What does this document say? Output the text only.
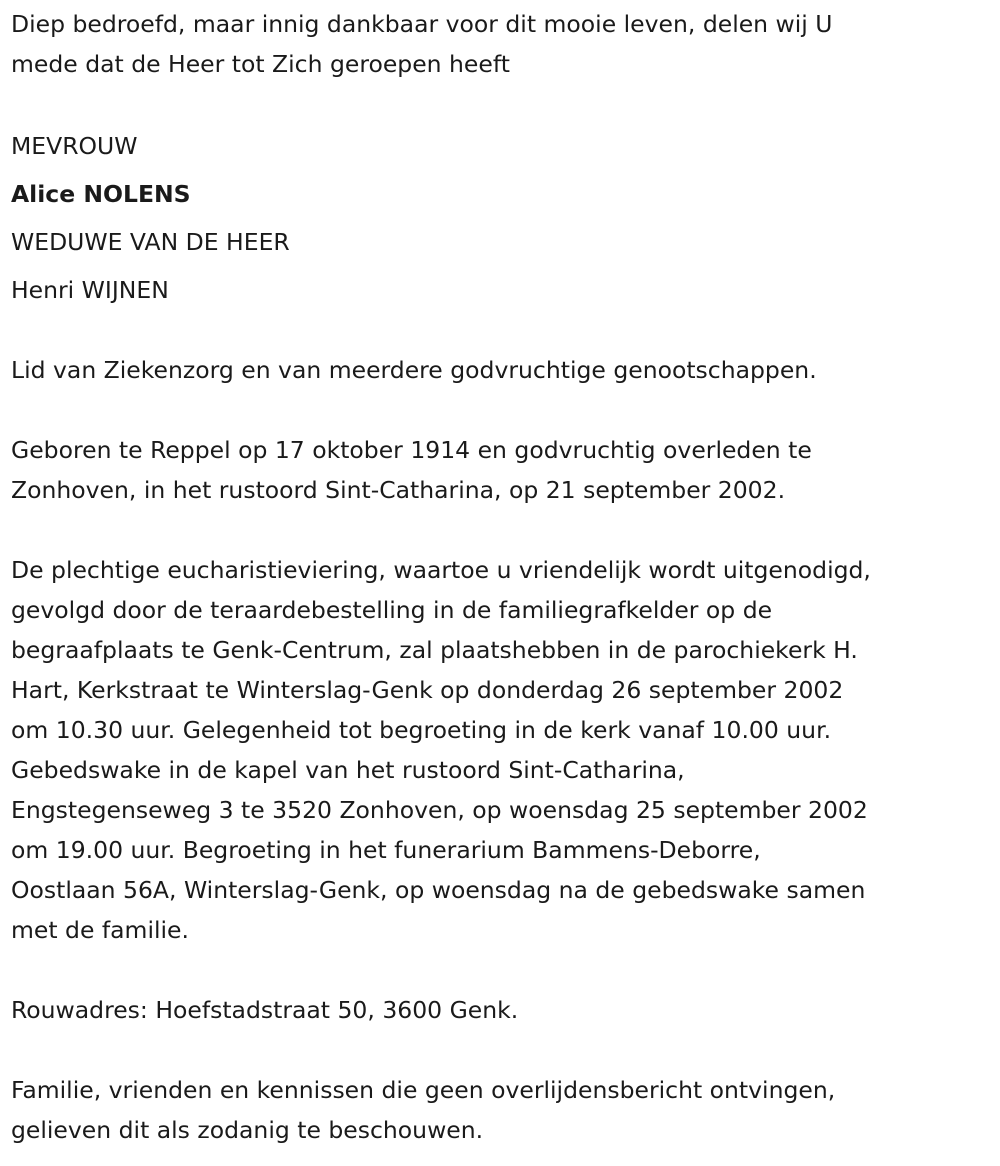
Diep bedroefd, maar innig dankbaar voor dit mooie leven, delen wij U

mede dat de Heer tot Zich geroepen heeft

MEVROUW

Alice NOLENS

WEDUWE VAN DE HEER

Henri WIJNEN

Lid van Ziekenzorg en van meerdere godvruchtige genootschappen.

Geboren te Reppel op 17 oktober 1914 en godvruchtig overleden te

Zonhoven, in het rustoord Sint-Catharina, op 21 september 2002.

De plechtige eucharistieviering, waartoe u vriendelijk wordt uitgenodigd,

gevolgd door de teraardebestelling in de familiegrafkelder op de

begraafplaats te Genk-Centrum, zal plaatshebben in de parochiekerk H.

Hart, Kerkstraat te Winterslag-Genk op donderdag 26 september 2002

om 10.30 uur. Gelegenheid tot begroeting in de kerk vanaf 10.00 uur.

Gebedswake in de kapel van het rustoord Sint-Catharina,

Engstegenseweg 3 te 3520 Zonhoven, op woensdag 25 september 2002

om 19.00 uur. Begroeting in het funerarium Bammens-Deborre,

Oostlaan 56A, Winterslag-Genk, op woensdag na de gebedswake samen

met de familie.

Rouwadres: Hoefstadstraat 50, 3600 Genk.

Familie, vrienden en kennissen die geen overlijdensbericht ontvingen,

gelieven dit als zodanig te beschouwen.
